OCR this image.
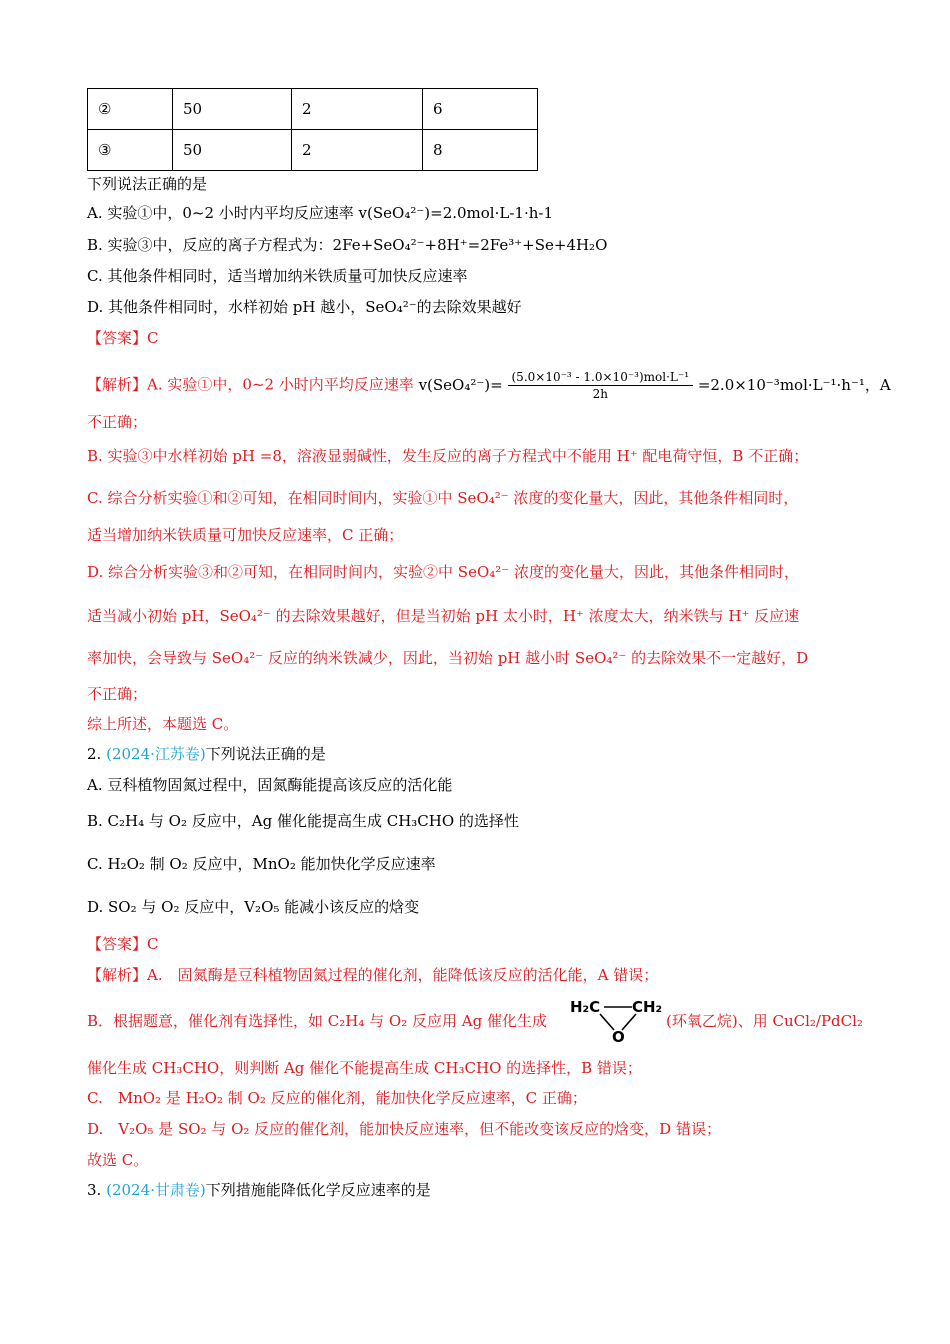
②	50	2	6
③	50	2	8
下列说法正确的是
A. 实验①中，0~2 小时内平均反应速率 v(SeO₄²⁻)=2.0mol·L-1·h-1
B. 实验③中，反应的离子方程式为：2Fe+SeO₄²⁻+8H⁺=2Fe³⁺+Se+4H₂O
C. 其他条件相同时，适当增加纳米铁质量可加快反应速率
D. 其他条件相同时，水样初始 pH 越小，SeO₄²⁻的去除效果越好
【答案】C
【解析】A. 实验①中，0~2 小时内平均反应速率 $v(SeO_4^{2-})= \frac{\text{(5.0×10⁻³ - 1.0×10⁻³)mol·L⁻¹}}{2h} =2.0\times 10^{-3}mol\cdot L^{-1}\cdot h^{-1}$，A
不正确；
B. 实验③中水样初始 pH =8，溶液显弱碱性，发生反应的离子方程式中不能用 H⁺ 配电荷守恒，B 不正确；
C. 综合分析实验①和②可知，在相同时间内，实验①中 SeO₄²⁻ 浓度的变化量大，因此，其他条件相同时，
适当增加纳米铁质量可加快反应速率，C 正确；
D. 综合分析实验③和②可知，在相同时间内，实验②中 SeO₄²⁻ 浓度的变化量大，因此，其他条件相同时，
适当减小初始 pH，SeO₄²⁻ 的去除效果越好，但是当初始 pH 太小时，H⁺ 浓度太大，纳米铁与 H⁺ 反应速
率加快，会导致与 SeO₄²⁻ 反应的纳米铁减少，因此，当初始 pH 越小时 SeO₄²⁻ 的去除效果不一定越好，D
不正确；
综上所述，本题选 C。
2. (2024·江苏卷)下列说法正确的是
A. 豆科植物固氮过程中，固氮酶能提高该反应的活化能
B. C₂H₄ 与 O₂ 反应中，Ag 催化能提高生成 CH₃CHO 的选择性
C. H₂O₂ 制 O₂ 反应中，MnO₂ 能加快化学反应速率
D. SO₂ 与 O₂ 反应中，V₂O₅ 能减小该反应的焓变
【答案】C
【解析】A.　固氮酶是豆科植物固氮过程的催化剂，能降低该反应的活化能，A 错误；
B．根据题意，催化剂有选择性，如 C₂H₄ 与 O₂ 反应用 Ag 催化生成
H₂C CH₂
O
(环氧乙烷)、用 CuCl₂/PdCl₂
催化生成 CH₃CHO，则判断 Ag 催化不能提高生成 CH₃CHO 的选择性，B 错误；
C.　MnO₂ 是 H₂O₂ 制 O₂ 反应的催化剂，能加快化学反应速率，C 正确；
D.　V₂O₅ 是 SO₂ 与 O₂ 反应的催化剂，能加快反应速率，但不能改变该反应的焓变，D 错误；
故选 C。
3. (2024·甘肃卷)下列措施能降低化学反应速率的是
